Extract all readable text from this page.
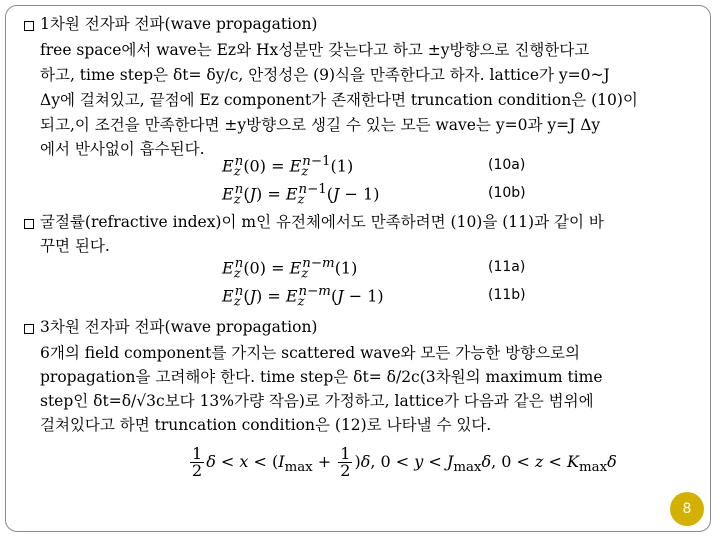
1차원 전자파 전파(wave propagation)
free space에서 wave는 Ez와 Hx성분만 갖는다고 하고 ±y방향으로 진행한다고
하고, time step은 δt= δy/c, 안정성은 (9)식을 만족한다고 하자. lattice가 y=0~J
Δy에 걸쳐있고, 끝점에 Ez component가 존재한다면 truncation condition은 (10)이
되고,이 조건을 만족한다면 ±y방향으로 생길 수 있는 모든 wave는 y=0과 y=J Δy
에서 반사없이 흡수된다.
$E_z^n(0) = E_z^{n-1}(1)$	(10a)
$E_z^n(J) = E_z^{n-1}(J - 1)$	(10b)
굴절률(refractive index)이 m인 유전체에서도 만족하려면 (10)을 (11)과 같이 바
꾸면 된다.
$E_z^n(0) = E_z^{n-m}(1)$	(11a)
$E_z^n(J) = E_z^{n-m}(J - 1)$	(11b)
3차원 전자파 전파(wave propagation)
6개의 field component를 가지는 scattered wave와 모든 가능한 방향으로의
propagation을 고려해야 한다. time step은 δt= δ/2c(3차원의 maximum time
step인 δt=δ/√3c보다 13%가량 작음)로 가정하고, lattice가 다음과 같은 범위에
걸쳐있다고 하면 truncation condition은 (12)로 나타낼 수 있다.
$\frac{1}{2}$ $\delta < x < (I_{max} + \frac{1}{2} )\delta$, $0 < y < J_{max}\delta$, $0 < z < K_{max}\delta$
8
